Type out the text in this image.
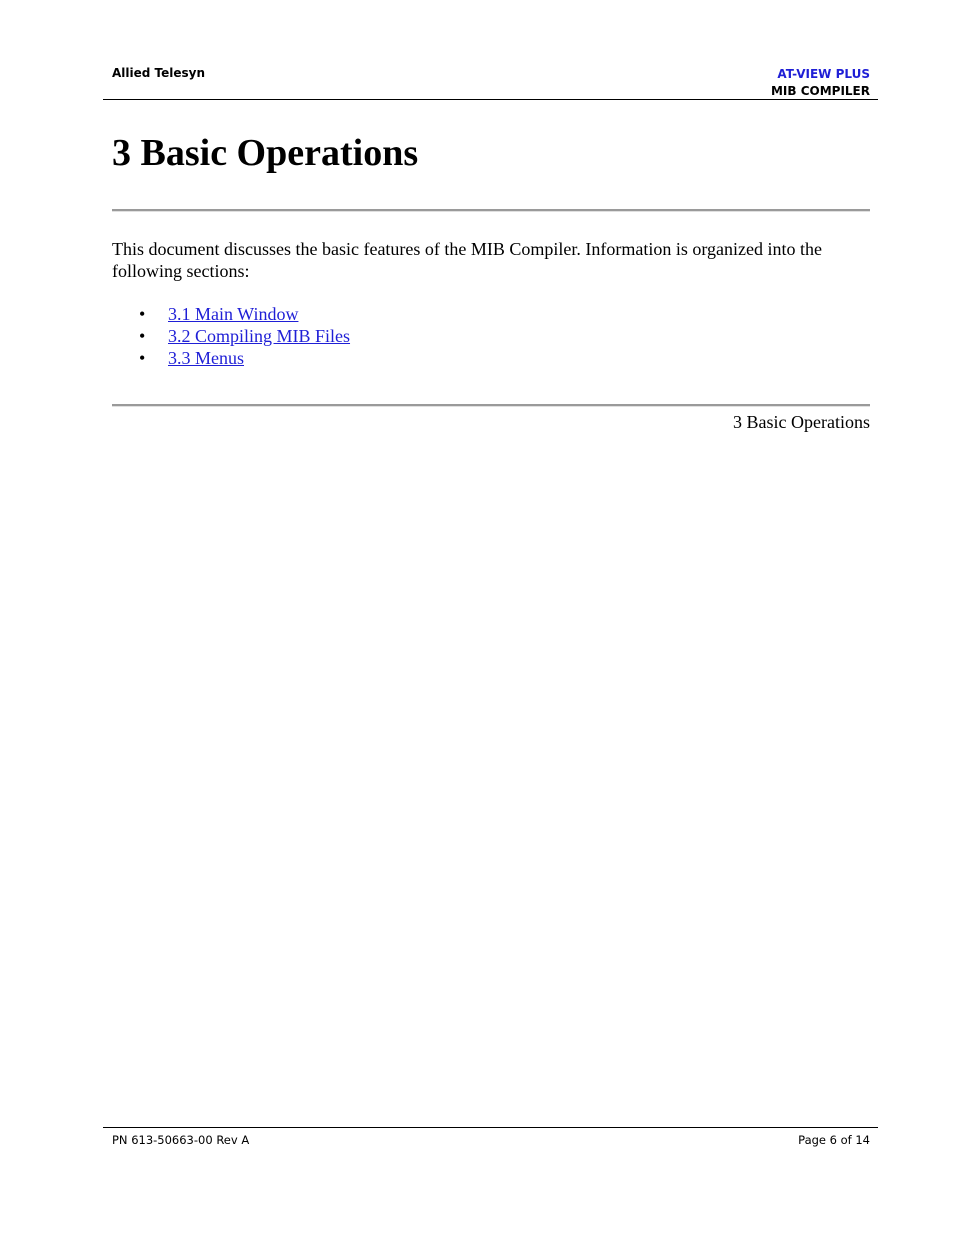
Allied Telesyn	AT-VIEW PLUS
MIB COMPILER
3 Basic Operations

This document discusses the basic features of the MIB Compiler. Information is organized into the following sections:

• 3.1 Main Window
• 3.2 Compiling MIB Files
• 3.3 Menus
3 Basic Operations
PN 613-50663-00 Rev A	Page 6 of 14
